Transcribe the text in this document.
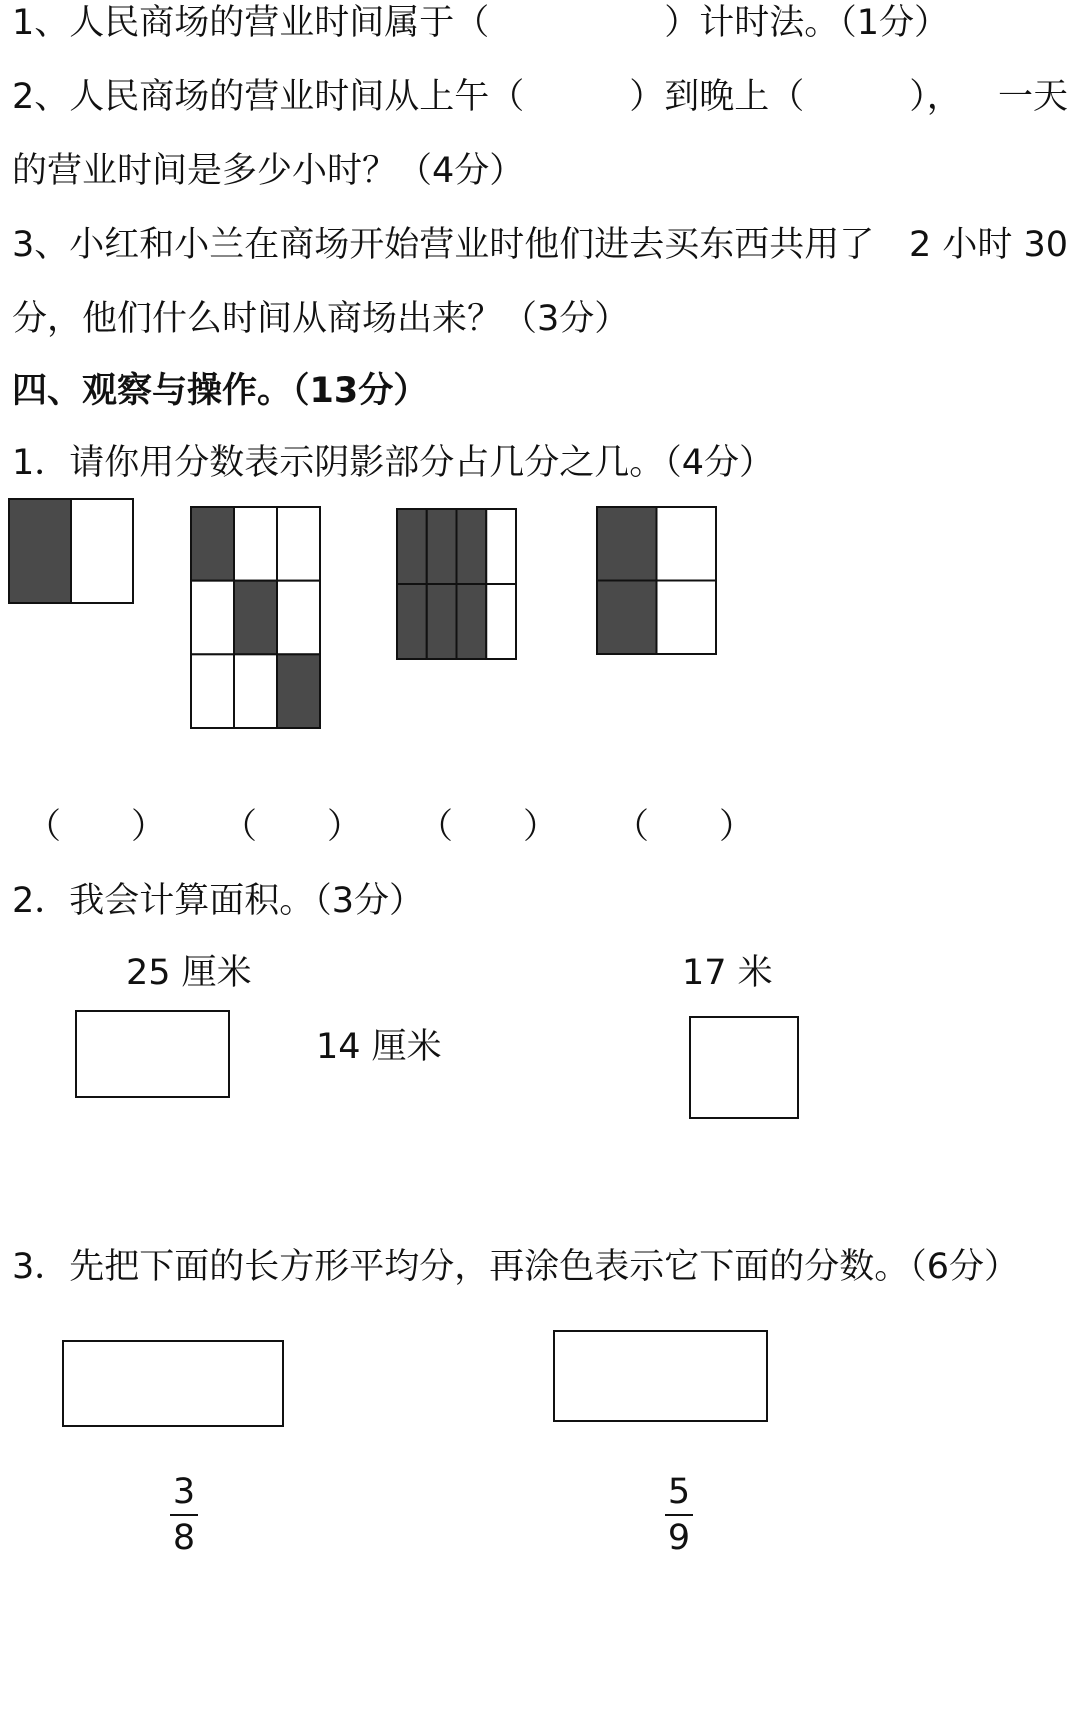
1、人民商场的营业时间属于（　　　　　）计时法。（1分）
2、人民商场的营业时间从上午（　　　）到晚上（　　　）， 一天
的营业时间是多少小时？（4分）
3、小红和小兰在商场开始营业时他们进去买东西共用了 2 小时 30
分，他们什么时间从商场出来？（3分）
四、观察与操作。（13分）
1．请你用分数表示阴影部分占几分之几。（4分）
（　　） （　　） （　　） （　　）
2．我会计算面积。（3分）
25 厘米
14 厘米
17 米
3．先把下面的长方形平均分，再涂色表示它下面的分数。（6分）
3
8
5
9
